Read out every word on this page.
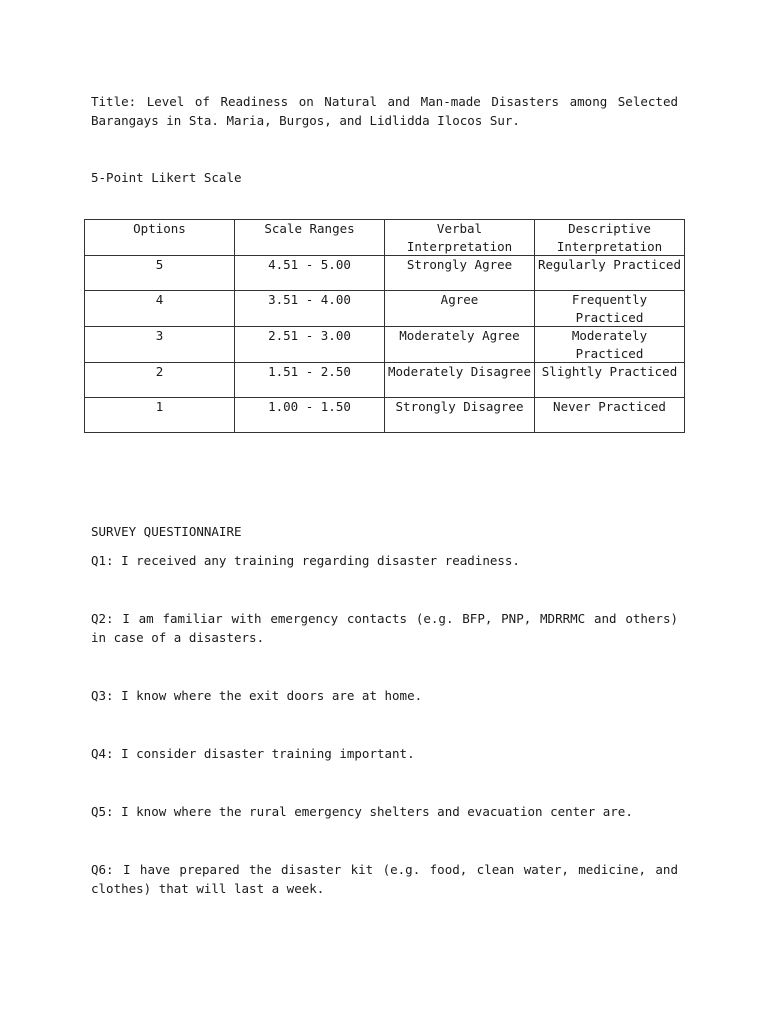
Title: Level of Readiness on Natural and Man-made Disasters among Selected Barangays in Sta. Maria, Burgos, and Lidlidda Ilocos Sur.

5-Point Likert Scale

Options	Scale Ranges	Verbal Interpretation	Descriptive Interpretation
5	4.51 - 5.00	Strongly Agree	Regularly Practiced
4	3.51 - 4.00	Agree	Frequently Practiced
3	2.51 - 3.00	Moderately Agree	Moderately Practiced
2	1.51 - 2.50	Moderately Disagree	Slightly Practiced
1	1.00 - 1.50	Strongly Disagree	Never Practiced

SURVEY QUESTIONNAIRE

Q1: I received any training regarding disaster readiness.

Q2: I am familiar with emergency contacts (e.g. BFP, PNP, MDRRMC and others) in case of a disasters.

Q3: I know where the exit doors are at home.

Q4: I consider disaster training important.

Q5: I know where the rural emergency shelters and evacuation center are.

Q6: I have prepared the disaster kit (e.g. food, clean water, medicine, and clothes) that will last a week.
